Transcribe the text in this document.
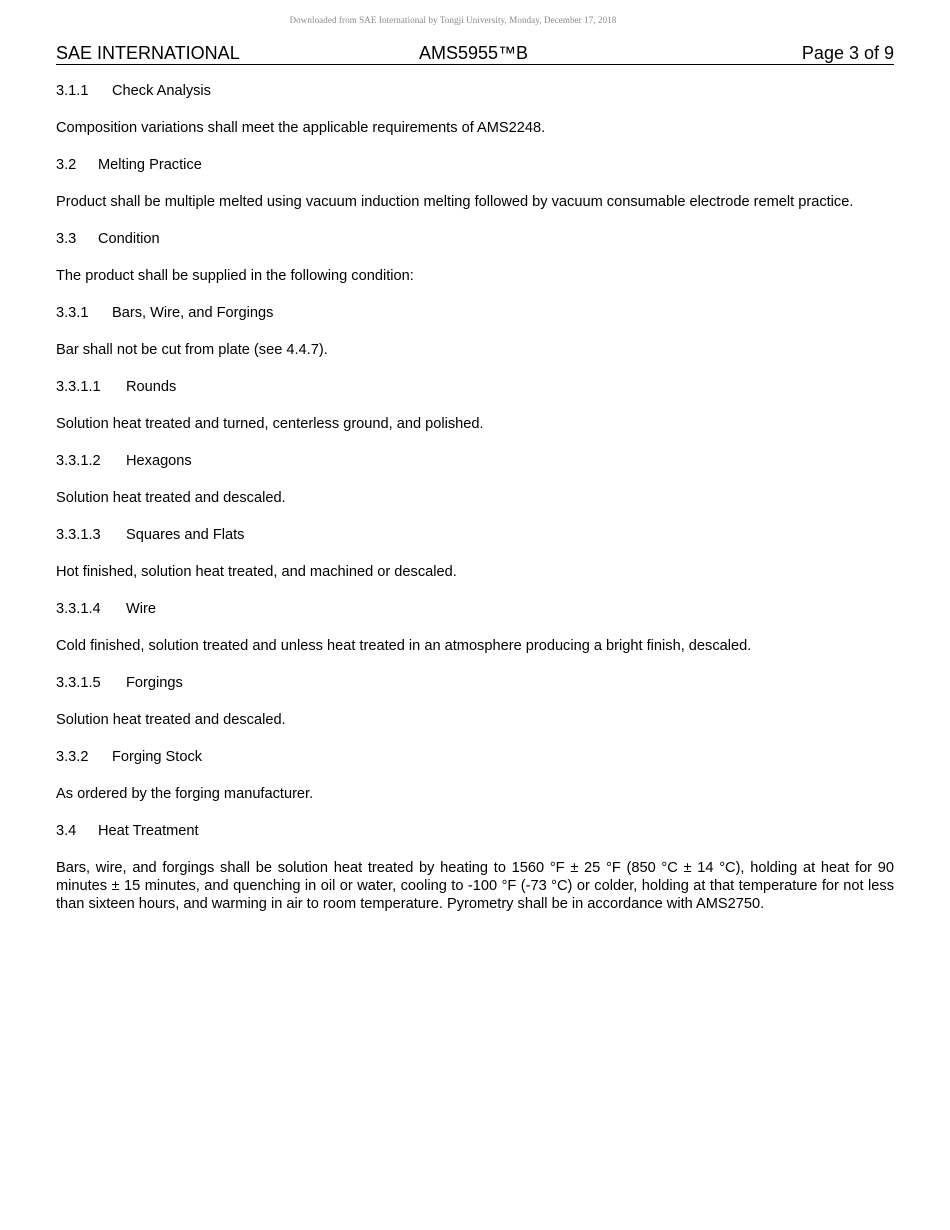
Downloaded from SAE International by Tongji University, Monday, December 17, 2018
SAE INTERNATIONAL	AMS5955™B	Page 3 of 9
3.1.1 Check Analysis
Composition variations shall meet the applicable requirements of AMS2248.
3.2 Melting Practice
Product shall be multiple melted using vacuum induction melting followed by vacuum consumable electrode remelt practice.
3.3 Condition
The product shall be supplied in the following condition:
3.3.1 Bars, Wire, and Forgings
Bar shall not be cut from plate (see 4.4.7).
3.3.1.1 Rounds
Solution heat treated and turned, centerless ground, and polished.
3.3.1.2 Hexagons
Solution heat treated and descaled.
3.3.1.3 Squares and Flats
Hot finished, solution heat treated, and machined or descaled.
3.3.1.4 Wire
Cold finished, solution treated and unless heat treated in an atmosphere producing a bright finish, descaled.
3.3.1.5 Forgings
Solution heat treated and descaled.
3.3.2 Forging Stock
As ordered by the forging manufacturer.
3.4 Heat Treatment
Bars, wire, and forgings shall be solution heat treated by heating to 1560 °F ± 25 °F (850 °C ± 14 °C), holding at heat for 90 minutes ± 15 minutes, and quenching in oil or water, cooling to -100 °F (-73 °C) or colder, holding at that temperature for not less than sixteen hours, and warming in air to room temperature. Pyrometry shall be in accordance with AMS2750.
